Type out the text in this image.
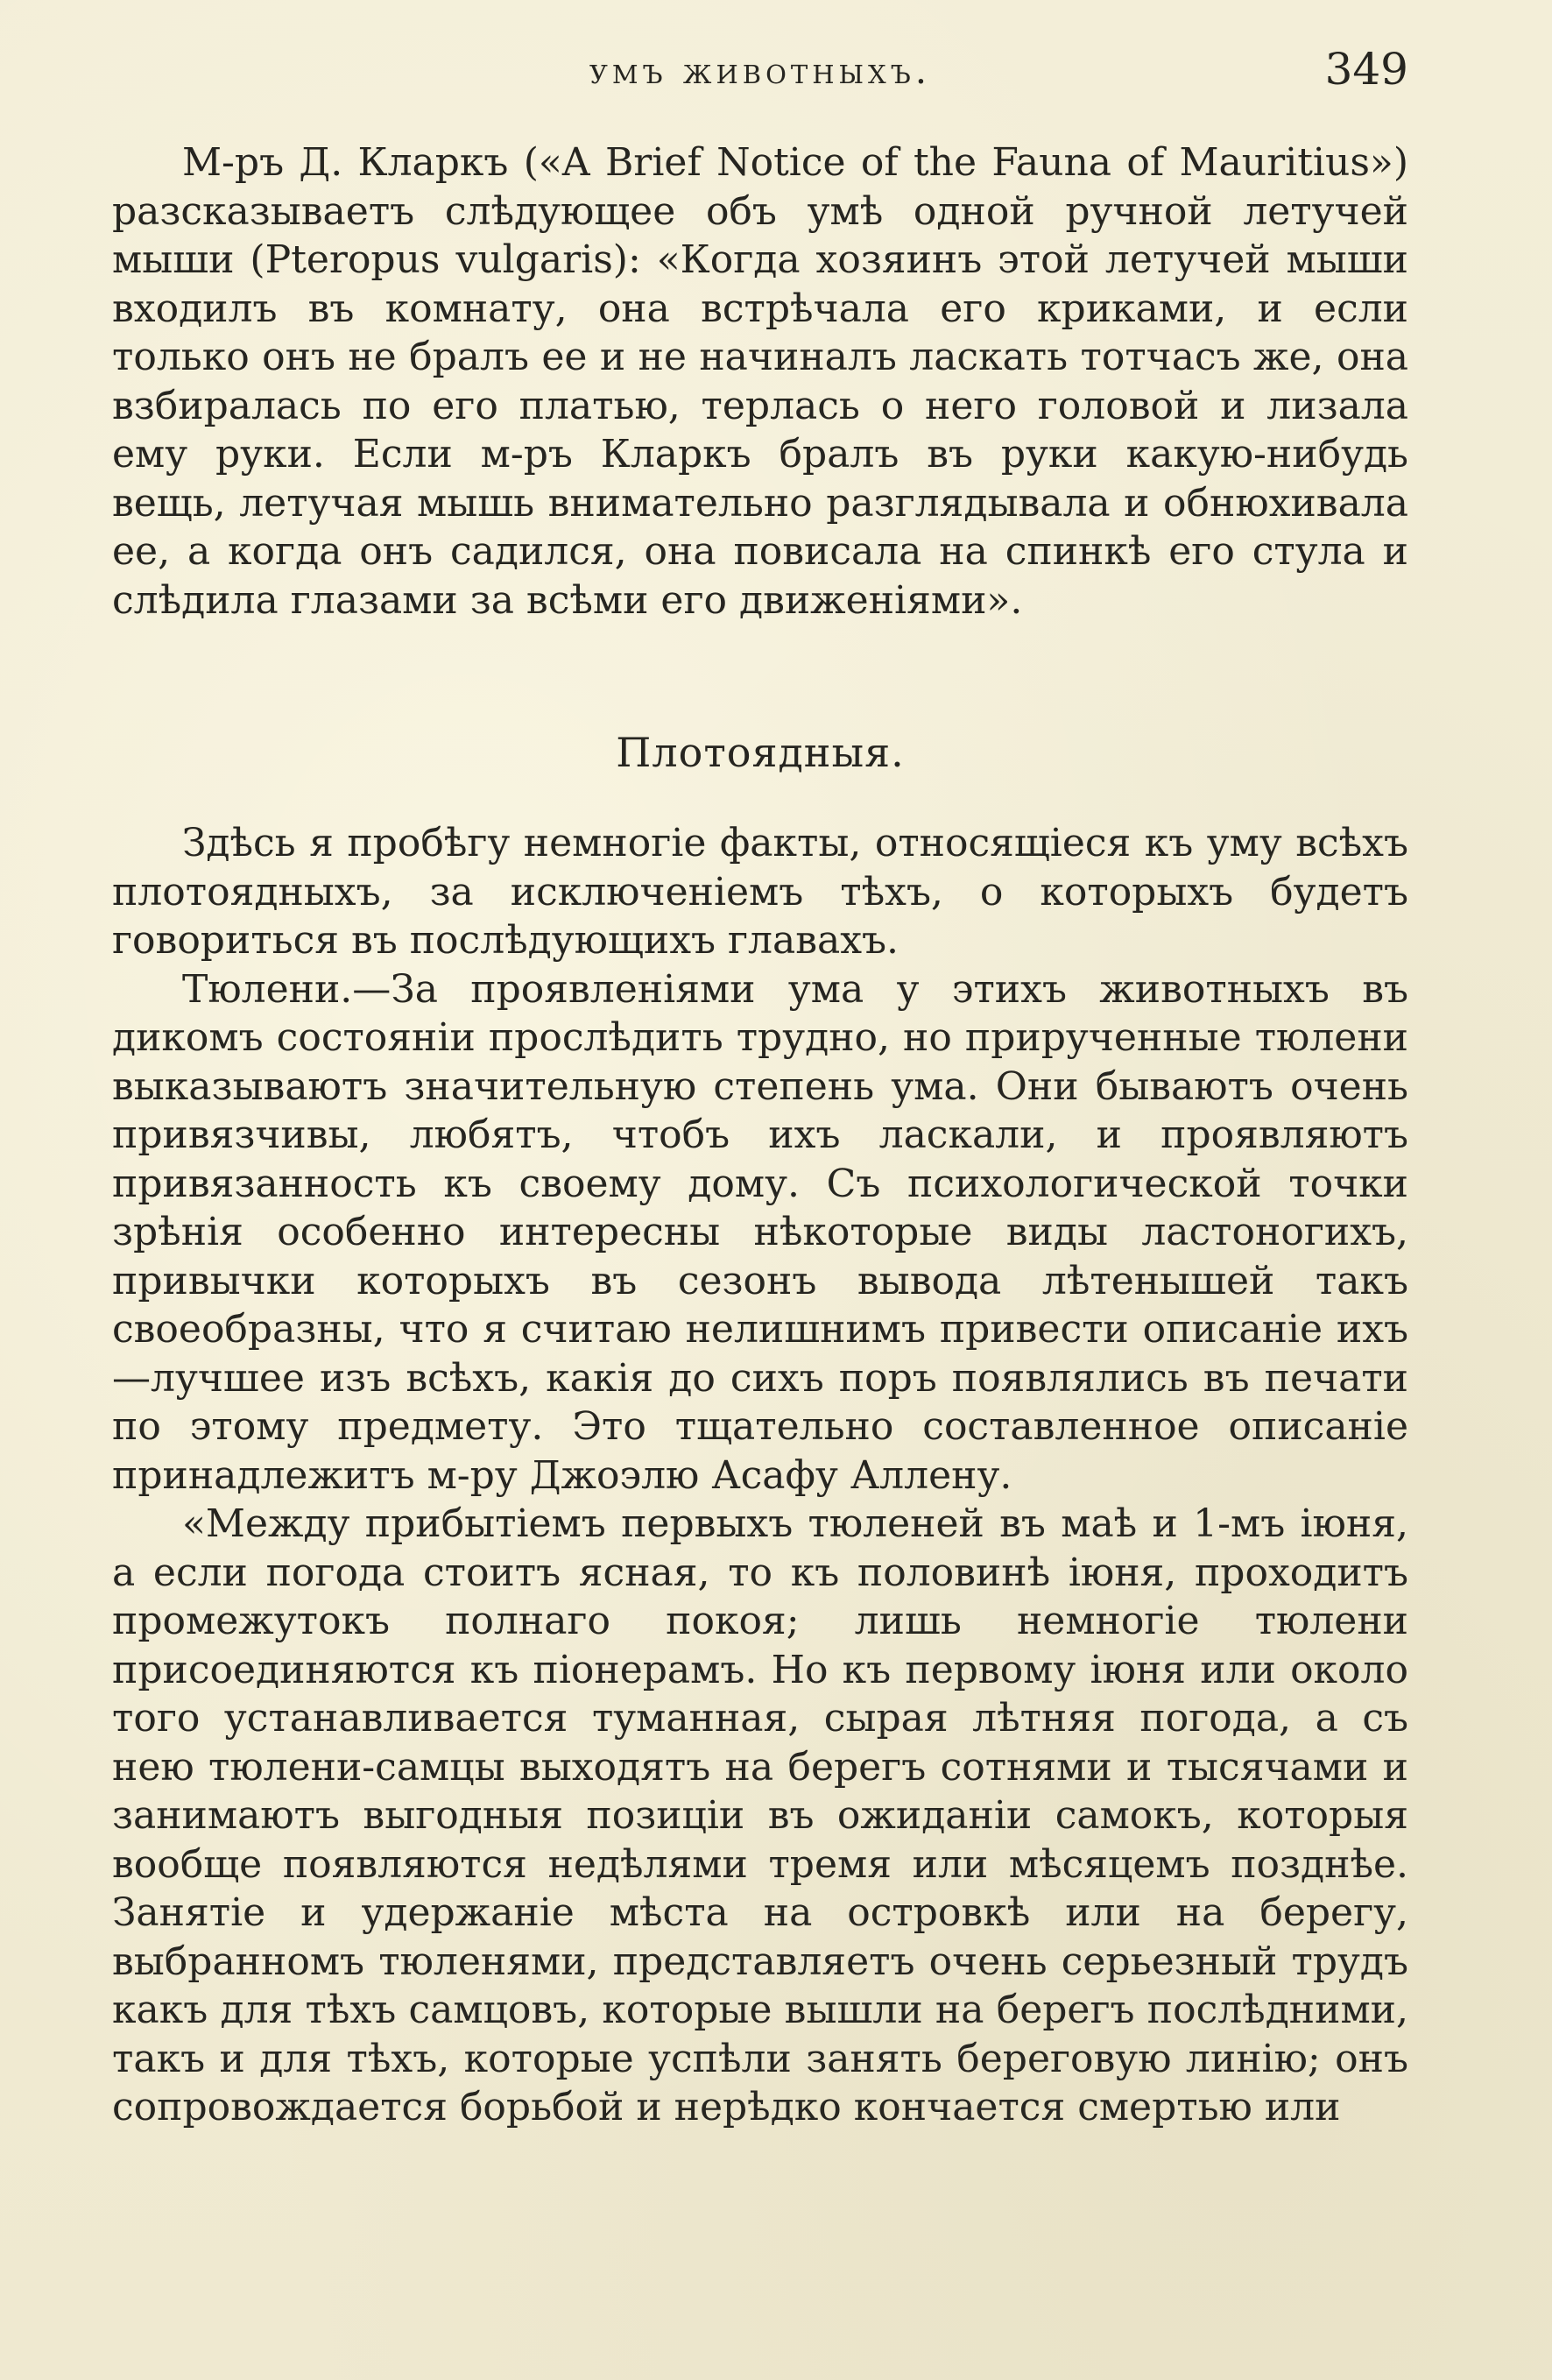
умъ животныхъ.	349

М-ръ Д. Кларкъ («A Brief Notice of the Fauna of Mauritius») разсказываетъ слѣдующее объ умѣ одной ручной летучей мыши (Pteropus vulgaris): «Когда хозяинъ этой летучей мыши входилъ въ комнату, она встрѣчала его криками, и если только онъ не бралъ ее и не начиналъ ласкать тотчасъ же, она взбиралась по его платью, терлась о него головой и лизала ему руки. Если м-ръ Кларкъ бралъ въ руки какую-нибудь вещь, летучая мышь внимательно разглядывала и обнюхивала ее, а когда онъ садился, она повисала на спинкѣ его стула и слѣдила глазами за всѣми его движеніями».

Плотоядныя.

Здѣсь я пробѣгу немногіе факты, относящіеся къ уму всѣхъ плотоядныхъ, за исключеніемъ тѣхъ, о которыхъ будетъ говориться въ послѣдующихъ главахъ.

Тюлени.—За проявленіями ума у этихъ животныхъ въ дикомъ состояніи прослѣдить трудно, но прирученные тюлени выказываютъ значительную степень ума. Они бываютъ очень привязчивы, любятъ, чтобъ ихъ ласкали, и проявляютъ привязанность къ своему дому. Съ психологической точки зрѣнія особенно интересны нѣкоторые виды ластоногихъ, привычки которыхъ въ сезонъ вывода лѣтенышей такъ своеобразны, что я считаю нелишнимъ привести описаніе ихъ—лучшее изъ всѣхъ, какія до сихъ поръ появлялись въ печати по этому предмету. Это тщательно составленное описаніе принадлежитъ м-ру Джоэлю Асафу Аллену.

«Между прибытіемъ первыхъ тюленей въ маѣ и 1-мъ іюня, а если погода стоитъ ясная, то къ половинѣ іюня, проходитъ промежутокъ полнаго покоя; лишь немногіе тюлени присоединяются къ піонерамъ. Но къ первому іюня или около того устанавливается туманная, сырая лѣтняя погода, а съ нею тюлени-самцы выходятъ на берегъ сотнями и тысячами и занимаютъ выгодныя позиціи въ ожиданіи самокъ, которыя вообще появляются недѣлями тремя или мѣсяцемъ позднѣе. Занятіе и удержаніе мѣста на островкѣ или на берегу, выбранномъ тюленями, представляетъ очень серьезный трудъ какъ для тѣхъ самцовъ, которые вышли на берегъ послѣдними, такъ и для тѣхъ, которые успѣли занять береговую линію; онъ сопровождается борьбой и нерѣдко кончается смертью или
